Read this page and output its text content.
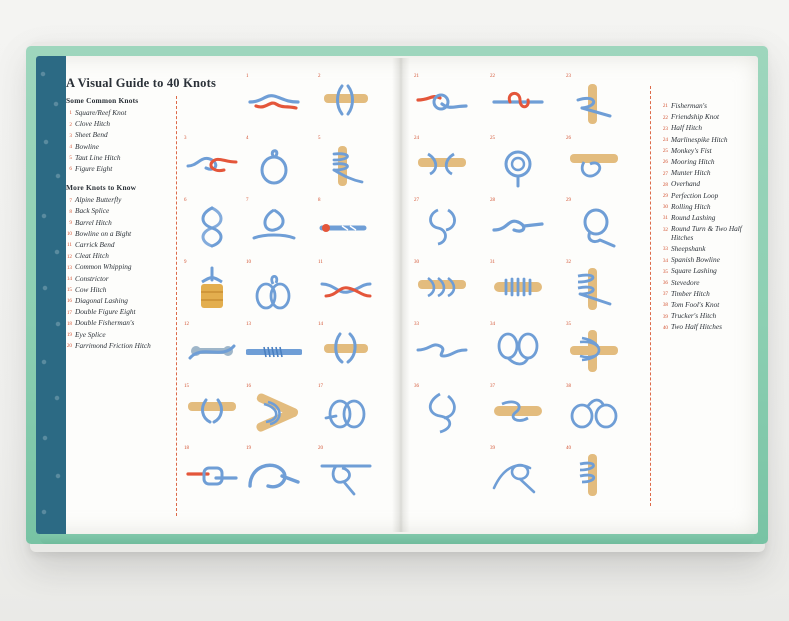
A Visual Guide to 40 Knots
Some Common Knots
1 Square/Reef Knot
2 Clove Hitch
3 Sheet Bend
4 Bowline
5 Taut Line Hitch
6 Figure Eight
More Knots to Know
7 Alpine Butterfly
8 Back Splice
9 Barrel Hitch
10 Bowline on a Bight
11 Carrick Bend
12 Cleat Hitch
13 Common Whipping
14 Constrictor
15 Cow Hitch
16 Diagonal Lashing
17 Double Figure Eight
18 Double Fisherman's
19 Eye Splice
20 Farrimond Friction Hitch
1	2
3	4	5
6	7	8
9	10	11
12	13	14
15	16	17
18	19	20
21	22	23
24	25	26
27	28	29
30	31	32
33	34	35
36	37	38
39	40
21 Fisherman's
22 Friendship Knot
23 Half Hitch
24 Marlinespike Hitch
25 Monkey's Fist
26 Mooring Hitch
27 Munter Hitch
28 Overhand
29 Perfection Loop
30 Rolling Hitch
31 Round Lashing
32 Round Turn & Two Half Hitches
33 Sheepshank
34 Spanish Bowline
35 Square Lashing
36 Stevedore
37 Timber Hitch
38 Tom Fool's Knot
39 Trucker's Hitch
40 Two Half Hitches
